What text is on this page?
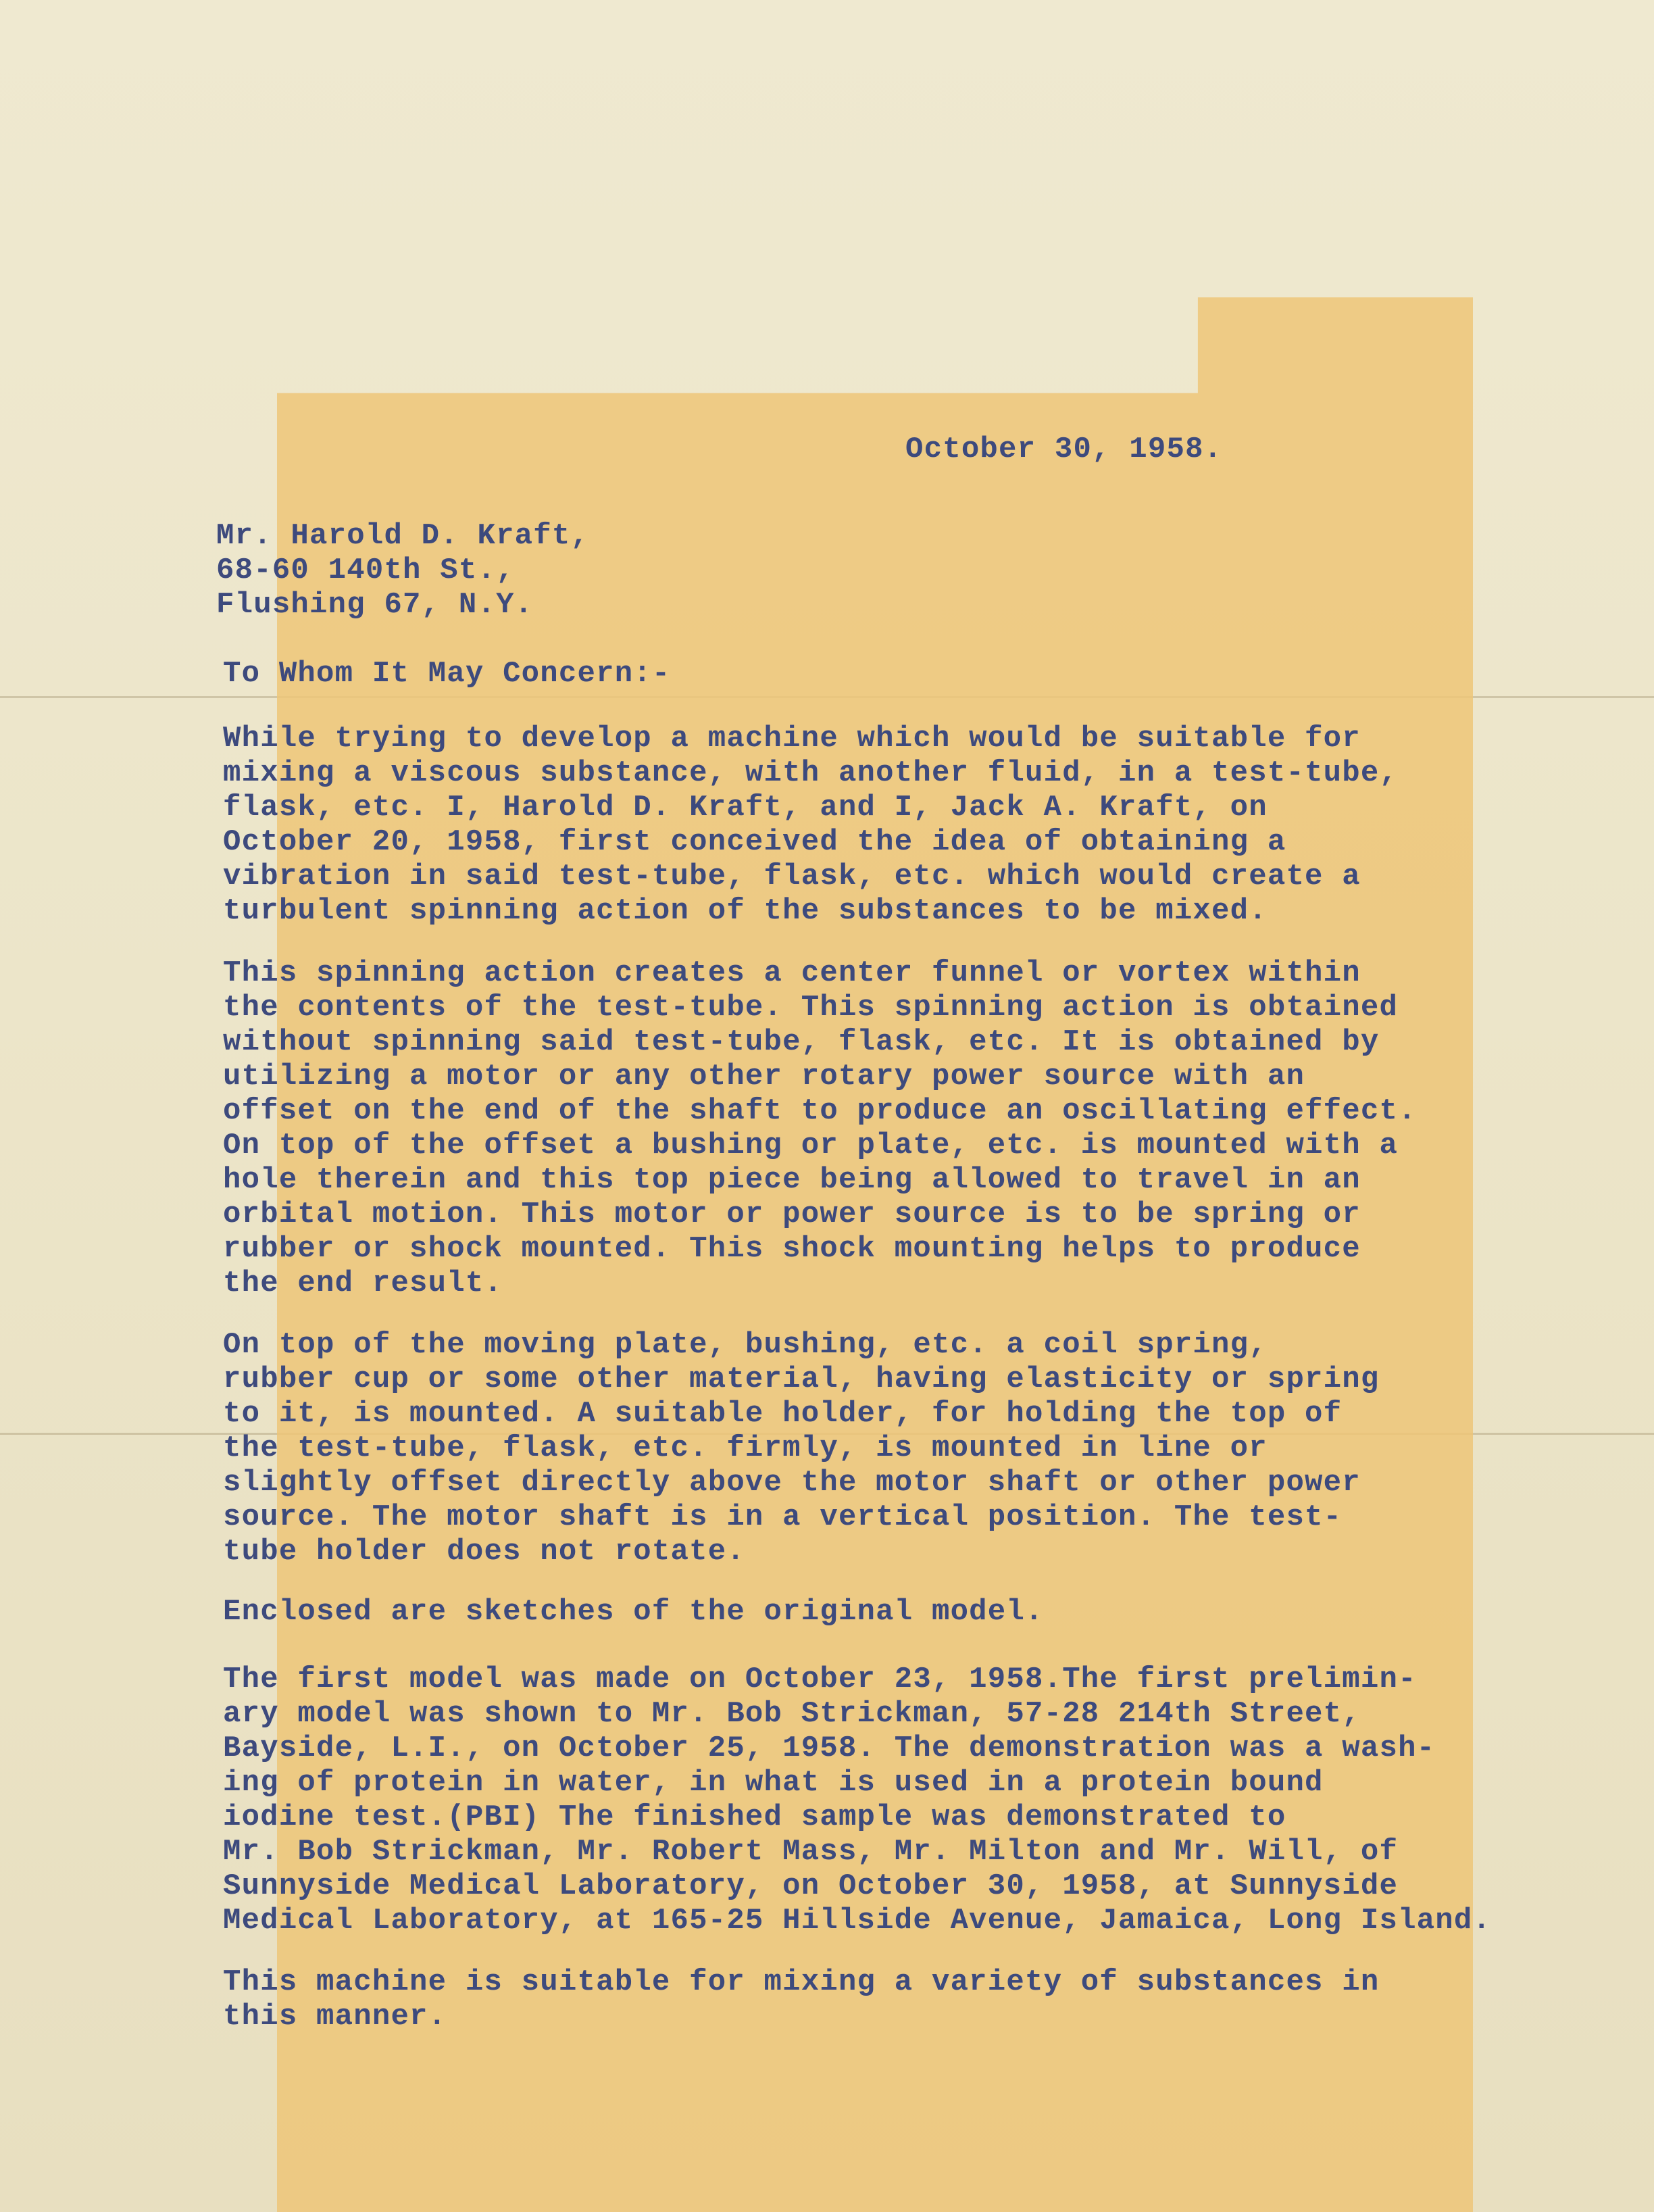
October 30, 1958.
Mr. Harold D. Kraft,
68-60 140th St.,
Flushing 67, N.Y.
To Whom It May Concern:-
While trying to develop a machine which would be suitable for
mixing a viscous substance, with another fluid, in a test-tube,
flask, etc. I, Harold D. Kraft, and I, Jack A. Kraft, on
October 20, 1958, first conceived the idea of obtaining a
vibration in said test-tube, flask, etc. which would create a
turbulent spinning action of the substances to be mixed.
This spinning action creates a center funnel or vortex within
the contents of the test-tube. This spinning action is obtained
without spinning said test-tube, flask, etc. It is obtained by
utilizing a motor or any other rotary power source with an
offset on the end of the shaft to produce an oscillating effect.
On top of the offset a bushing or plate, etc. is mounted with a
hole therein and this top piece being allowed to travel in an
orbital motion. This motor or power source is to be spring or
rubber or shock mounted. This shock mounting helps to produce
the end result.
On top of the moving plate, bushing, etc. a coil spring,
rubber cup or some other material, having elasticity or spring
to it, is mounted. A suitable holder, for holding the top of
the test-tube, flask, etc. firmly, is mounted in line or
slightly offset directly above the motor shaft or other power
source. The motor shaft is in a vertical position. The test-
tube holder does not rotate.
Enclosed are sketches of the original model.
The first model was made on October 23, 1958.The first prelimin-
ary model was shown to Mr. Bob Strickman, 57-28 214th Street,
Bayside, L.I., on October 25, 1958. The demonstration was a wash-
ing of protein in water, in what is used in a protein bound
iodine test.(PBI) The finished sample was demonstrated to
Mr. Bob Strickman, Mr. Robert Mass, Mr. Milton and Mr. Will, of
Sunnyside Medical Laboratory, on October 30, 1958, at Sunnyside
Medical Laboratory, at 165-25 Hillside Avenue, Jamaica, Long Island.
This machine is suitable for mixing a variety of substances in
this manner.
